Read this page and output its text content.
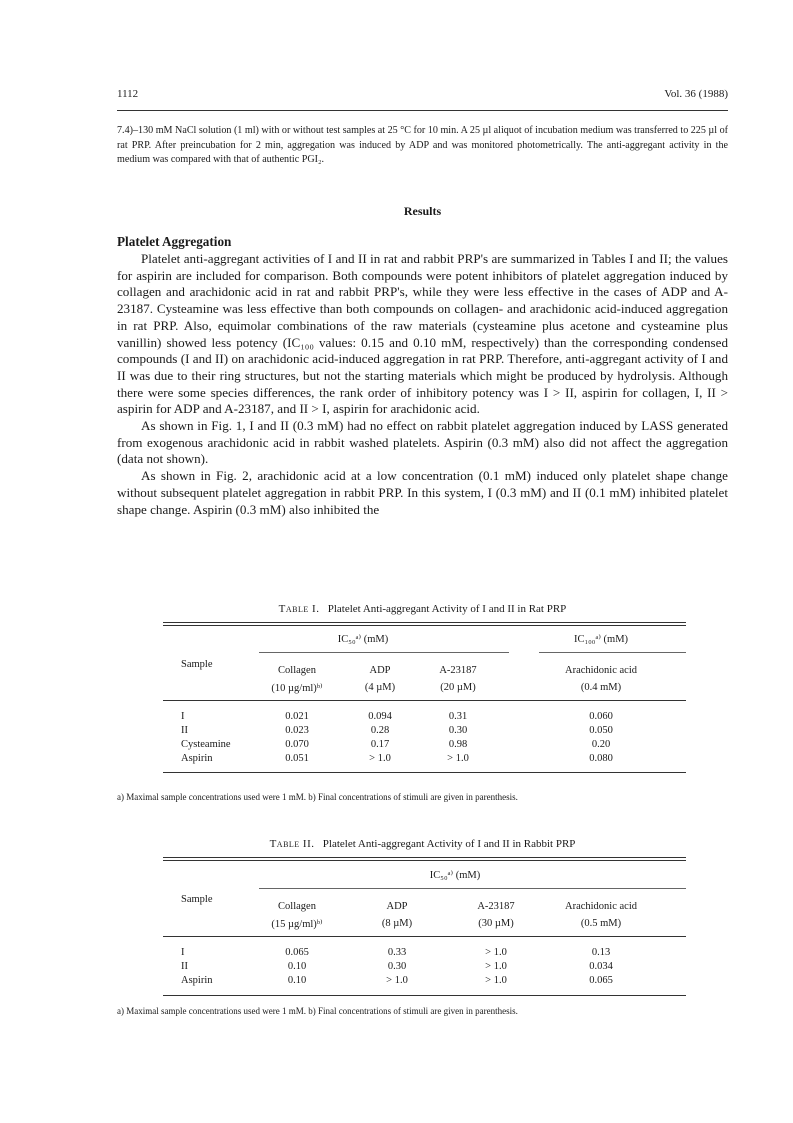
1112	Vol. 36 (1988)
7.4)–130 mM NaCl solution (1 ml) with or without test samples at 25 °C for 10 min. A 25 µl aliquot of incubation medium was transferred to 225 µl of rat PRP. After preincubation for 2 min, aggregation was induced by ADP and was monitored photometrically. The anti-aggregant activity in the medium was compared with that of authentic PGI₂.
Results
Platelet Aggregation

Platelet anti-aggregant activities of I and II in rat and rabbit PRP's are summarized in Tables I and II; the values for aspirin are included for comparison. Both compounds were potent inhibitors of platelet aggregation induced by collagen and arachidonic acid in rat and rabbit PRP's, while they were less effective in the cases of ADP and A-23187. Cysteamine was less effective than both compounds on collagen- and arachidonic acid-induced aggregation in rat PRP. Also, equimolar combinations of the raw materials (cysteamine plus acetone and cysteamine plus vanillin) showed less potency (IC₁₀₀ values: 0.15 and 0.10 mM, respectively) than the corresponding condensed compounds (I and II) on arachidonic acid-induced aggregation in rat PRP. Therefore, anti-aggregant activity of I and II was due to their ring structures, but not the starting materials which might be produced by hydrolysis. Although there were some species differences, the rank order of inhibitory potency was I > II, aspirin for collagen, I, II > aspirin for ADP and A-23187, and II > I, aspirin for arachidonic acid.

As shown in Fig. 1, I and II (0.3 mM) had no effect on rabbit platelet aggregation induced by LASS generated from exogenous arachidonic acid in rabbit washed platelets. Aspirin (0.3 mM) also did not affect the aggregation (data not shown).

As shown in Fig. 2, arachidonic acid at a low concentration (0.1 mM) induced only platelet shape change without subsequent platelet aggregation in rabbit PRP. In this system, I (0.3 mM) and II (0.1 mM) inhibited platelet shape change. Aspirin (0.3 mM) also inhibited the

Table I. Platelet Anti-aggregant Activity of I and II in Rat PRP
IC₅₀ᵃ⁾ (mM)	IC₁₀₀ᵃ⁾ (mM)
Sample
Collagen	ADP	A-23187	Arachidonic acid
(10 µg/ml)ᵇ⁾	(4 µM)	(20 µM)	(0.4 mM)
I	0.021	0.094	0.31	0.060
II	0.023	0.28	0.30	0.050
Cysteamine	0.070	0.17	0.98	0.20
Aspirin	0.051	> 1.0	> 1.0	0.080
a) Maximal sample concentrations used were 1 mM. b) Final concentrations of stimuli are given in parenthesis.
Table II. Platelet Anti-aggregant Activity of I and II in Rabbit PRP
IC₅₀ᵃ⁾ (mM)
Sample
Collagen	ADP	A-23187	Arachidonic acid
(15 µg/ml)ᵇ⁾	(8 µM)	(30 µM)	(0.5 mM)
I	0.065	0.33	> 1.0	0.13
II	0.10	0.30	> 1.0	0.034
Aspirin	0.10	> 1.0	> 1.0	0.065
a) Maximal sample concentrations used were 1 mM. b) Final concentrations of stimuli are given in parenthesis.
